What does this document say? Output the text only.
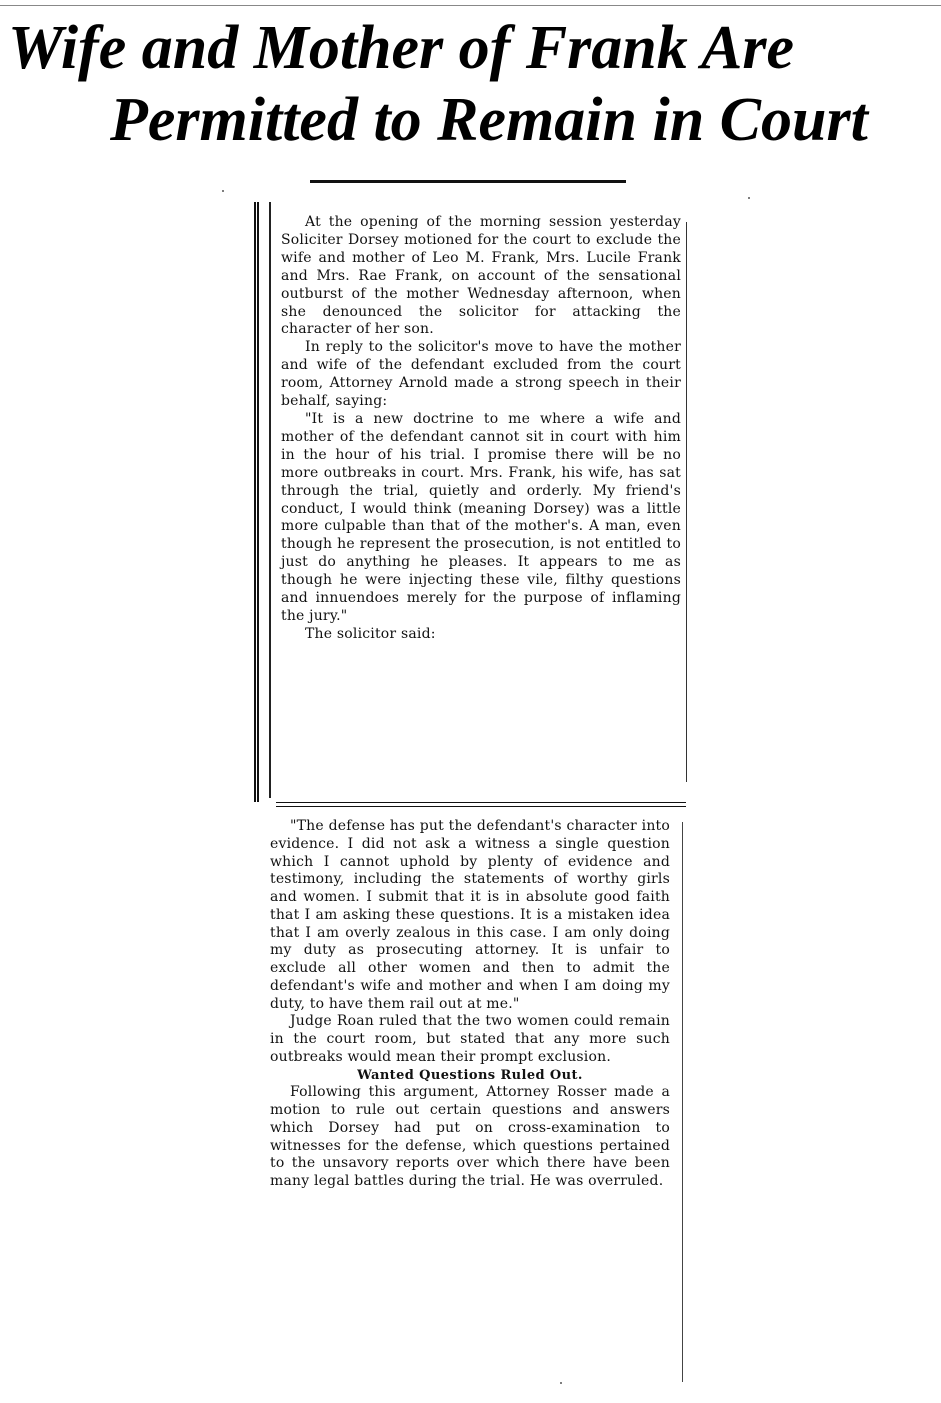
Wife and Mother of Frank Are
Permitted to Remain in Court

At the opening of the morning session yesterday Soliciter Dorsey motioned for the court to exclude the wife and mother of Leo M. Frank, Mrs. Lucile Frank and Mrs. Rae Frank, on account of the sensational outburst of the mother Wednesday afternoon, when she denounced the solicitor for attacking the character of her son.

In reply to the solicitor's move to have the mother and wife of the defendant excluded from the court room, Attorney Arnold made a strong speech in their behalf, saying:

"It is a new doctrine to me where a wife and mother of the defendant cannot sit in court with him in the hour of his trial. I promise there will be no more outbreaks in court. Mrs. Frank, his wife, has sat through the trial, quietly and orderly. My friend's conduct, I would think (meaning Dorsey) was a little more culpable than that of the mother's. A man, even though he represent the prosecution, is not entitled to just do anything he pleases. It appears to me as though he were injecting these vile, filthy questions and innuendoes merely for the purpose of inflaming the jury."

The solicitor said:

"The defense has put the defendant's character into evidence. I did not ask a witness a single question which I cannot uphold by plenty of evidence and testimony, including the statements of worthy girls and women. I submit that it is in absolute good faith that I am asking these questions. It is a mistaken idea that I am overly zealous in this case. I am only doing my duty as prosecuting attorney. It is unfair to exclude all other women and then to admit the defendant's wife and mother and when I am doing my duty, to have them rail out at me."

Judge Roan ruled that the two women could remain in the court room, but stated that any more such outbreaks would mean their prompt exclusion.

Wanted Questions Ruled Out.

Following this argument, Attorney Rosser made a motion to rule out certain questions and answers which Dorsey had put on cross-examination to witnesses for the defense, which questions pertained to the unsavory reports over which there have been many legal battles during the trial. He was overruled.
